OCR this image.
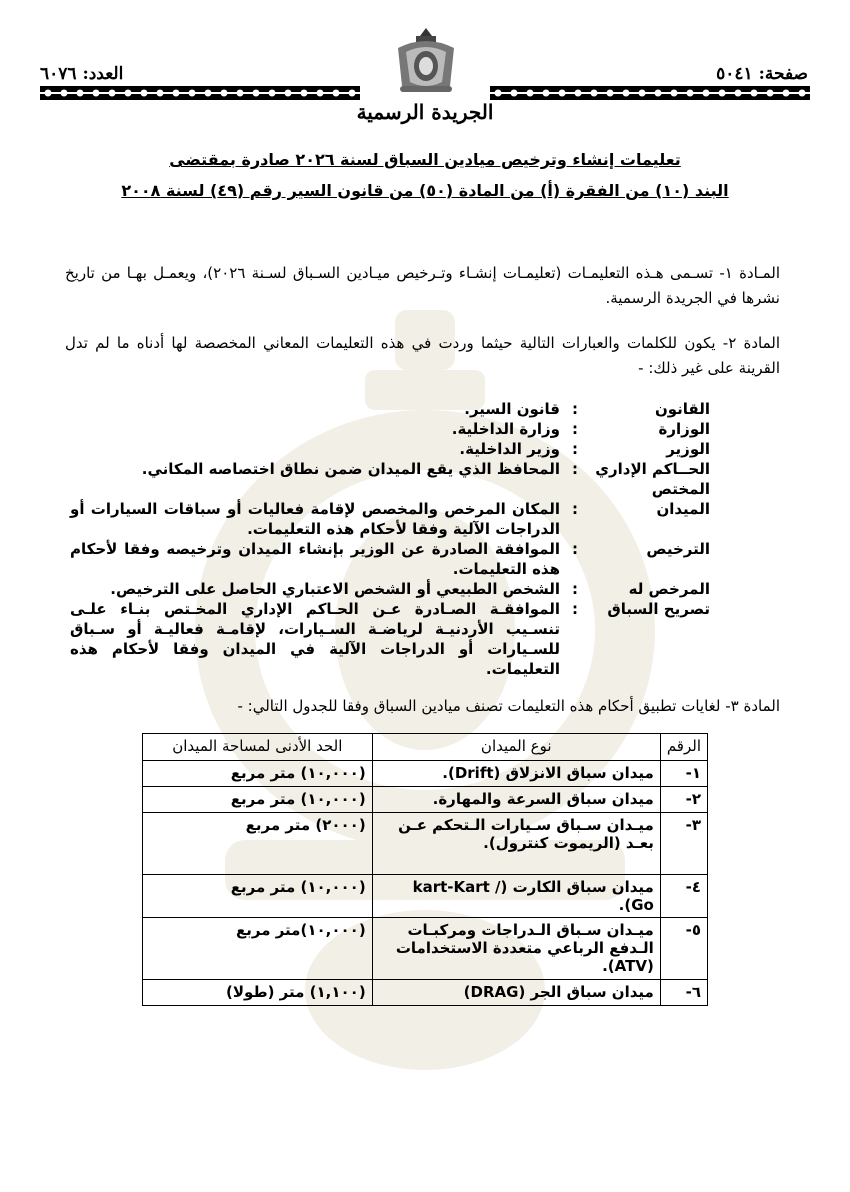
صفحة: ٥٠٤١
العدد: ٦٠٧٦
الجريدة الرسمية
تعليمات إنشاء وترخيص ميادين السباق لسنة ٢٠٢٦ صادرة بمقتضى
البند (١٠) من الفقرة (أ) من المادة (٥٠) من قانون السير رقم (٤٩) لسنة ٢٠٠٨
المـادة ١- تسـمى هـذه التعليمـات (تعليمـات إنشـاء وتـرخيص ميـادين السـباق لسـنة ٢٠٢٦)، ويعمـل بهـا من تاريخ نشرها في الجريدة الرسمية.
المادة ٢- يكون للكلمات والعبارات التالية حيثما وردت في هذه التعليمات المعاني المخصصة لها أدناه ما لم تدل القرينة على غير ذلك: -
القانون
:
قانون السير.
الوزارة
:
وزارة الداخلية.
الوزير
:
وزير الداخلية.
الحــاكم الإداري المختص
:
المحافظ الذي يقع الميدان ضمن نطاق اختصاصه المكاني.
الميدان
:
المكان المرخص والمخصص لإقامة فعاليات أو سباقات السيارات أو الدراجات الآلية وفقا لأحكام هذه التعليمات.
الترخيص
:
الموافقة الصادرة عن الوزير بإنشاء الميدان وترخيصه وفقا لأحكام هذه التعليمات.
المرخص له
:
الشخص الطبيعي أو الشخص الاعتباري الحاصل على الترخيص.
تصريح السباق
:
الموافقـة الصـادرة عـن الحـاكم الإداري المخـتص بنـاء علـى تنسـيب الأردنيـة لرياضـة السـيارات، لإقامـة فعاليـة أو سـباق للسـيارات أو الدراجات الآلية في الميدان وفقا لأحكام هذه التعليمات.
المادة ٣- لغايات تطبيق أحكام هذه التعليمات تصنف ميادين السباق وفقا للجدول التالي: -
الرقم	نوع الميدان	الحد الأدنى لمساحة الميدان
١-	ميدان سباق الانزلاق (Drift).	(١٠,٠٠٠) متر مربع
٢-	ميدان سباق السرعة والمهارة.	(١٠,٠٠٠) متر مربع
٣-	ميـدان سـباق سـيارات الـتحكم عـن بعـد (الريموت كنترول).	(٢٠٠٠) متر مربع
٤-	ميدان سباق الكارت (kart-Kart / Go).	(١٠,٠٠٠) متر مربع
٥-	ميـدان سـباق الـدراجات ومركبـات الـدفع الرباعي متعددة الاستخدامات (ATV).	(١٠,٠٠٠)متر مربع
٦-	ميدان سباق الجر (DRAG)	(١,١٠٠) متر (طولا)
